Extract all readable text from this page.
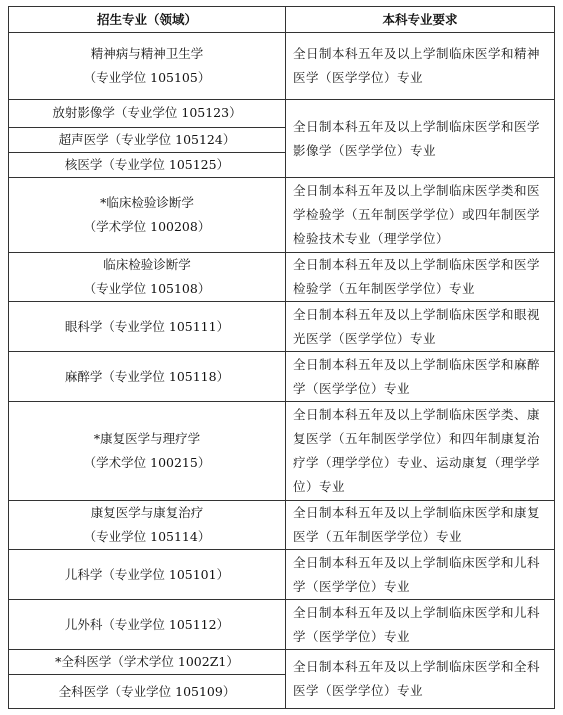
招生专业（领域）	本科专业要求

精神病与精神卫生学
（专业学位 105105）	全日制本科五年及以上学制临床医学和精神医学（医学学位）专业

放射影像学（专业学位 105123）	全日制本科五年及以上学制临床医学和医学影像学（医学学位）专业

超声医学（专业学位 105124）	

核医学（专业学位 105125）	

*临床检验诊断学
（学术学位 100208）	全日制本科五年及以上学制临床医学类和医学检验学（五年制医学学位）或四年制医学检验技术专业（理学学位）

临床检验诊断学
（专业学位 105108）	全日制本科五年及以上学制临床医学和医学检验学（五年制医学学位）专业

眼科学（专业学位 105111）	全日制本科五年及以上学制临床医学和眼视光医学（医学学位）专业

麻醉学（专业学位 105118）	全日制本科五年及以上学制临床医学和麻醉学（医学学位）专业

*康复医学与理疗学
（学术学位 100215）	全日制本科五年及以上学制临床医学类、康复医学（五年制医学学位）和四年制康复治疗学（理学学位）专业、运动康复（理学学位）专业

康复医学与康复治疗
（专业学位 105114）	全日制本科五年及以上学制临床医学和康复医学（五年制医学学位）专业

儿科学（专业学位 105101）	全日制本科五年及以上学制临床医学和儿科学（医学学位）专业

儿外科（专业学位 105112）	全日制本科五年及以上学制临床医学和儿科学（医学学位）专业

*全科医学（学术学位 1002Z1）	全日制本科五年及以上学制临床医学和全科医学（医学学位）专业

全科医学（专业学位 105109）	
